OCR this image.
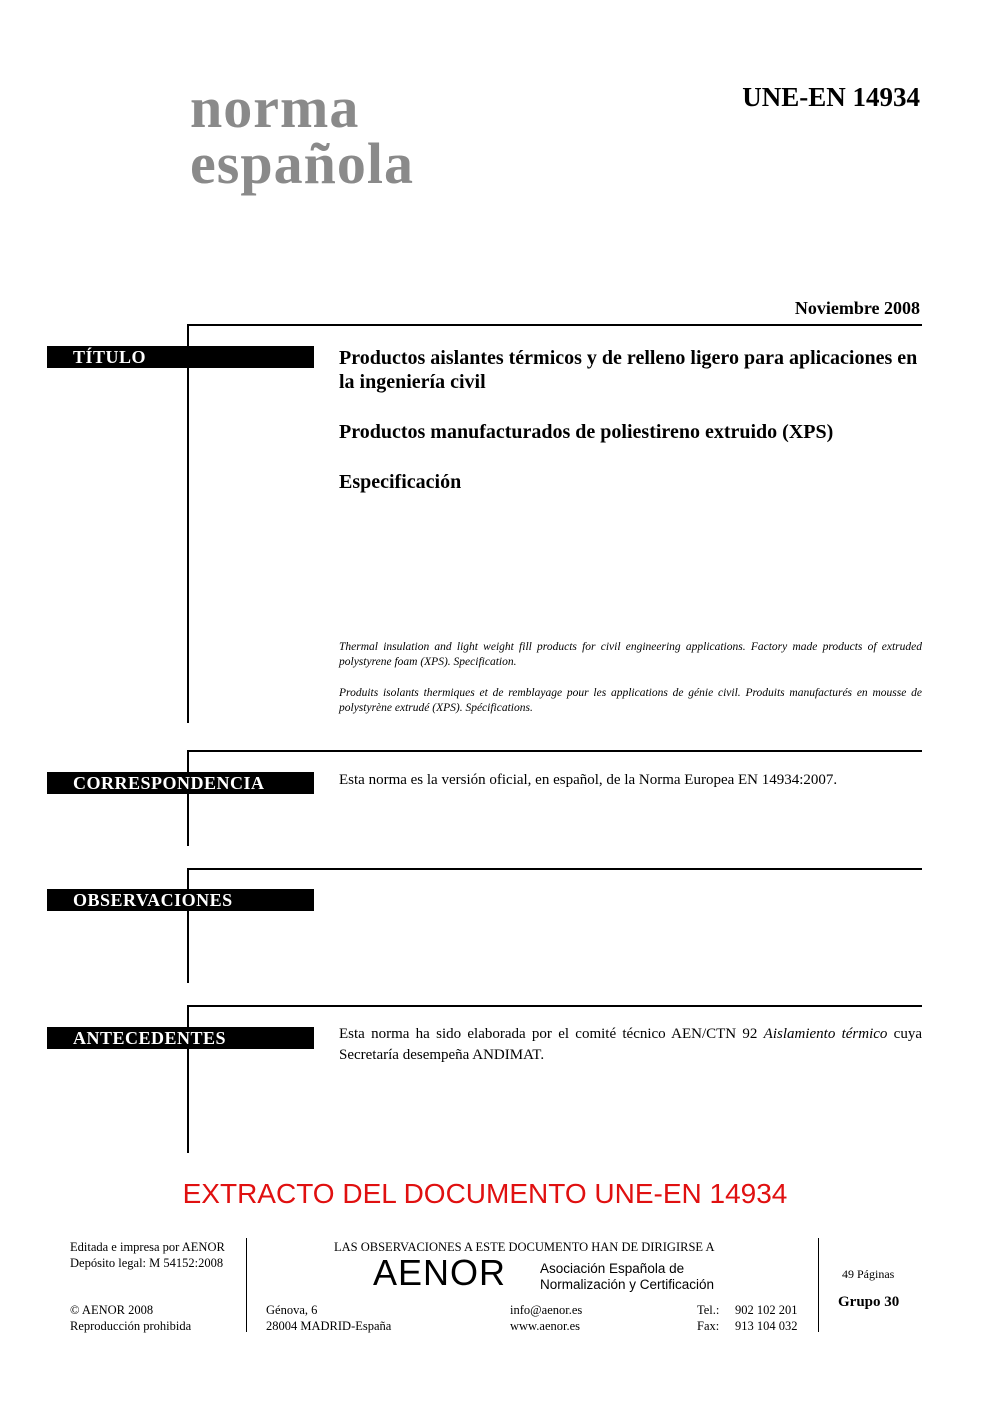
norma
española
UNE-EN 14934
Noviembre 2008
TÍTULO	Productos aislantes térmicos y de relleno ligero para aplicaciones en la ingeniería civil

Productos manufacturados de poliestireno extruido (XPS)

Especificación

Thermal insulation and light weight fill products for civil engineering applications. Factory made products of extruded polystyrene foam (XPS). Specification.
Produits isolants thermiques et de remblayage pour les applications de génie civil. Produits manufacturés en mousse de polystyrène extrudé (XPS). Spécifications.
CORRESPONDENCIA	Esta norma es la versión oficial, en español, de la Norma Europea EN 14934:2007.
OBSERVACIONES
ANTECEDENTES	Esta norma ha sido elaborada por el comité técnico AEN/CTN 92 Aislamiento térmico cuya Secretaría desempeña ANDIMAT.
EXTRACTO DEL DOCUMENTO UNE-EN 14934
Editada e impresa por AENOR
Depósito legal: M 54152:2008
© AENOR 2008
Reproducción prohibida
LAS OBSERVACIONES A ESTE DOCUMENTO HAN DE DIRIGIRSE A
AENOR	Asociación Española de
Normalización y Certificación
Génova, 6
28004 MADRID-España
info@aenor.es
www.aenor.es
Tel.:
Fax:
902 102 201
913 104 032
49 Páginas
Grupo 30
